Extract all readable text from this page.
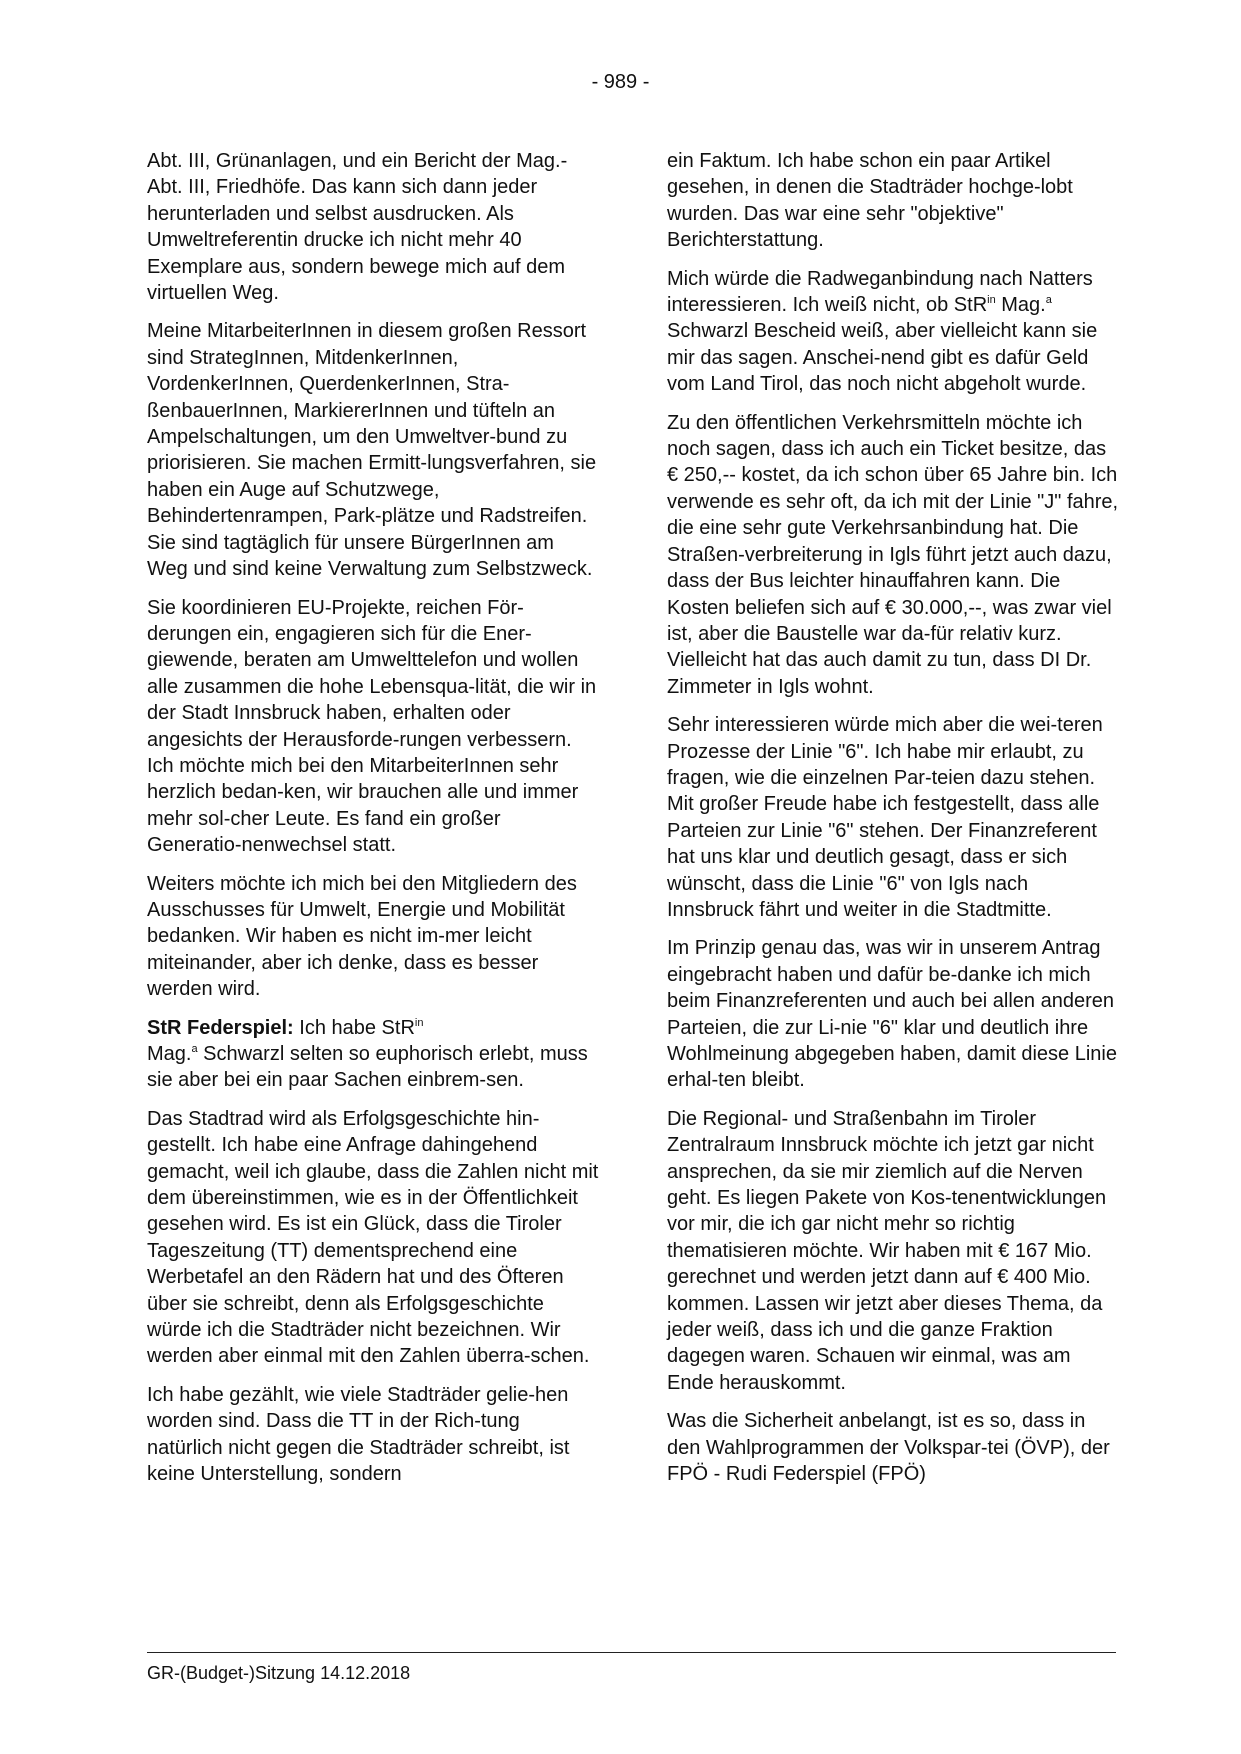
- 989 -

Abt. III, Grünanlagen, und ein Bericht der Mag.-Abt. III, Friedhöfe. Das kann sich dann jeder herunterladen und selbst ausdrucken. Als Umweltreferentin drucke ich nicht mehr 40 Exemplare aus, sondern bewege mich auf dem virtuellen Weg.

Meine MitarbeiterInnen in diesem großen Ressort sind StrategInnen, MitdenkerInnen, VordenkerInnen, QuerdenkerInnen, Stra-ßenbauerInnen, MarkiererInnen und tüfteln an Ampelschaltungen, um den Umweltver-bund zu priorisieren. Sie machen Ermitt-lungsverfahren, sie haben ein Auge auf Schutzwege, Behindertenrampen, Park-plätze und Radstreifen. Sie sind tagtäglich für unsere BürgerInnen am Weg und sind keine Verwaltung zum Selbstzweck.

Sie koordinieren EU-Projekte, reichen För-derungen ein, engagieren sich für die Ener-giewende, beraten am Umwelttelefon und wollen alle zusammen die hohe Lebensqua-lität, die wir in der Stadt Innsbruck haben, erhalten oder angesichts der Herausforde-rungen verbessern. Ich möchte mich bei den MitarbeiterInnen sehr herzlich bedan-ken, wir brauchen alle und immer mehr sol-cher Leute. Es fand ein großer Generatio-nenwechsel statt.

Weiters möchte ich mich bei den Mitgliedern des Ausschusses für Umwelt, Energie und Mobilität bedanken. Wir haben es nicht im-mer leicht miteinander, aber ich denke, dass es besser werden wird.

StR Federspiel: Ich habe StR$^{in}$
Mag.$^a$ Schwarzl selten so euphorisch erlebt, muss sie aber bei ein paar Sachen einbrem-sen.

Das Stadtrad wird als Erfolgsgeschichte hin-gestellt. Ich habe eine Anfrage dahingehend gemacht, weil ich glaube, dass die Zahlen nicht mit dem übereinstimmen, wie es in der Öffentlichkeit gesehen wird. Es ist ein Glück, dass die Tiroler Tageszeitung (TT) dementsprechend eine Werbetafel an den Rädern hat und des Öfteren über sie schreibt, denn als Erfolgsgeschichte würde ich die Stadträder nicht bezeichnen. Wir werden aber einmal mit den Zahlen überra-schen.

Ich habe gezählt, wie viele Stadträder gelie-hen worden sind. Dass die TT in der Rich-tung natürlich nicht gegen die Stadträder schreibt, ist keine Unterstellung, sondern

ein Faktum. Ich habe schon ein paar Artikel gesehen, in denen die Stadträder hochge-lobt wurden. Das war eine sehr "objektive" Berichterstattung.

Mich würde die Radweganbindung nach Natters interessieren. Ich weiß nicht, ob StR$^{in}$ Mag.$^a$ Schwarzl Bescheid weiß, aber vielleicht kann sie mir das sagen. Anschei-nend gibt es dafür Geld vom Land Tirol, das noch nicht abgeholt wurde.

Zu den öffentlichen Verkehrsmitteln möchte ich noch sagen, dass ich auch ein Ticket besitze, das € 250,-- kostet, da ich schon über 65 Jahre bin. Ich verwende es sehr oft, da ich mit der Linie "J" fahre, die eine sehr gute Verkehrsanbindung hat. Die Straßen-verbreiterung in Igls führt jetzt auch dazu, dass der Bus leichter hinauffahren kann. Die Kosten beliefen sich auf € 30.000,--, was zwar viel ist, aber die Baustelle war da-für relativ kurz. Vielleicht hat das auch damit zu tun, dass DI Dr. Zimmeter in Igls wohnt.

Sehr interessieren würde mich aber die wei-teren Prozesse der Linie "6". Ich habe mir erlaubt, zu fragen, wie die einzelnen Par-teien dazu stehen. Mit großer Freude habe ich festgestellt, dass alle Parteien zur Linie "6" stehen. Der Finanzreferent hat uns klar und deutlich gesagt, dass er sich wünscht, dass die Linie "6" von Igls nach Innsbruck fährt und weiter in die Stadtmitte.

Im Prinzip genau das, was wir in unserem Antrag eingebracht haben und dafür be-danke ich mich beim Finanzreferenten und auch bei allen anderen Parteien, die zur Li-nie "6" klar und deutlich ihre Wohlmeinung abgegeben haben, damit diese Linie erhal-ten bleibt.

Die Regional- und Straßenbahn im Tiroler Zentralraum Innsbruck möchte ich jetzt gar nicht ansprechen, da sie mir ziemlich auf die Nerven geht. Es liegen Pakete von Kos-tenentwicklungen vor mir, die ich gar nicht mehr so richtig thematisieren möchte. Wir haben mit € 167 Mio. gerechnet und werden jetzt dann auf € 400 Mio. kommen. Lassen wir jetzt aber dieses Thema, da jeder weiß, dass ich und die ganze Fraktion dagegen waren. Schauen wir einmal, was am Ende herauskommt.

Was die Sicherheit anbelangt, ist es so, dass in den Wahlprogrammen der Volkspar-tei (ÖVP), der FPÖ - Rudi Federspiel (FPÖ)

GR-(Budget-)Sitzung 14.12.2018
